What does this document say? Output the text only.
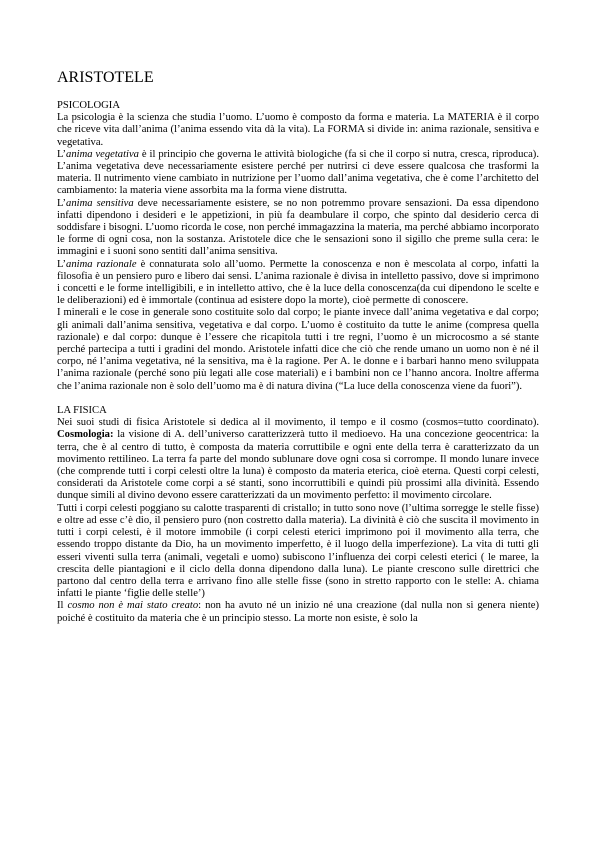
ARISTOTELE
PSICOLOGIA

La psicologia è la scienza che studia l’uomo. L’uomo è composto da forma e materia. La MATERIA è il corpo che riceve vita dall’anima (l’anima essendo vita dà la vita). La FORMA si divide in: anima razionale, sensitiva e vegetativa.

L’anima vegetativa è il principio che governa le attività biologiche (fa si che il corpo si nutra, cresca, riproduca). L’anima vegetativa deve necessariamente esistere perché per nutrirsi ci deve essere qualcosa che trasformi la materia. Il nutrimento viene cambiato in nutrizione per l’uomo dall’anima vegetativa, che è come l’architetto del cambiamento: la materia viene assorbita ma la forma viene distrutta.

L’anima sensitiva deve necessariamente esistere, se no non potremmo provare sensazioni. Da essa dipendono infatti dipendono i desideri e le appetizioni, in più fa deambulare il corpo, che spinto dal desiderio cerca di soddisfare i bisogni. L’uomo ricorda le cose, non perché immagazzina la materia, ma perché abbiamo incorporato le forme di ogni cosa, non la sostanza. Aristotele dice che le sensazioni sono il sigillo che preme sulla cera: le immagini e i suoni sono sentiti dall’anima sensitiva.

L’anima razionale è connaturata solo all’uomo. Permette la conoscenza e non è mescolata al corpo, infatti la filosofia è un pensiero puro e libero dai sensi. L’anima razionale è divisa in intelletto passivo, dove si imprimono i concetti e le forme intelligibili, e in intelletto attivo, che è la luce della conoscenza(da cui dipendono le scelte e le deliberazioni) ed è immortale (continua ad esistere dopo la morte), cioè permette di conoscere.

I minerali e le cose in generale sono costituite solo dal corpo; le piante invece dall’anima vegetativa e dal corpo; gli animali dall’anima sensitiva, vegetativa e dal corpo. L’uomo è costituito da tutte le anime (compresa quella razionale) e dal corpo: dunque è l’essere che ricapitola tutti i tre regni, l’uomo è un microcosmo a sé stante perché partecipa a tutti i gradini del mondo. Aristotele infatti dice che ciò che rende umano un uomo non è né il corpo, né l’anima vegetativa, né la sensitiva, ma è la ragione. Per A. le donne e i barbari hanno meno sviluppata l’anima razionale (perché sono più legati alle cose materiali) e i bambini non ce l’hanno ancora. Inoltre afferma che l’anima razionale non è solo dell’uomo ma è di natura divina (“La luce della conoscenza viene da fuori”).

LA FISICA

Nei suoi studi di fisica Aristotele si dedica al il movimento, il tempo e il cosmo (cosmos=tutto coordinato). Cosmologia: la visione di A. dell’universo caratterizzerà tutto il medioevo. Ha una concezione geocentrica: la terra, che è al centro di tutto, è composta da materia corruttibile e ogni ente della terra è caratterizzato da un movimento rettilineo. La terra fa parte del mondo sublunare dove ogni cosa si corrompe. Il mondo lunare invece (che comprende tutti i corpi celesti oltre la luna) è composto da materia eterica, cioè eterna. Questi corpi celesti, considerati da Aristotele come corpi a sé stanti, sono incorruttibili e quindi più prossimi alla divinità. Essendo dunque simili al divino devono essere caratterizzati da un movimento perfetto: il movimento circolare.

Tutti i corpi celesti poggiano su calotte trasparenti di cristallo; in tutto sono nove (l’ultima sorregge le stelle fisse) e oltre ad esse c’è dio, il pensiero puro (non costretto dalla materia). La divinità è ciò che suscita il movimento in tutti i corpi celesti, è il motore immobile (i corpi celesti eterici imprimono poi il movimento alla terra, che essendo troppo distante da Dio, ha un movimento imperfetto, è il luogo della imperfezione). La vita di tutti gli esseri viventi sulla terra (animali, vegetali e uomo) subiscono l’influenza dei corpi celesti eterici ( le maree, la crescita delle piantagioni e il ciclo della donna dipendono dalla luna). Le piante crescono sulle direttrici che partono dal centro della terra e arrivano fino alle stelle fisse (sono in stretto rapporto con le stelle: A. chiama infatti le piante ‘figlie delle stelle’)

Il cosmo non è mai stato creato: non ha avuto né un inizio né una creazione (dal nulla non si genera niente) poiché è costituito da materia che è un principio stesso. La morte non esiste, è solo la
